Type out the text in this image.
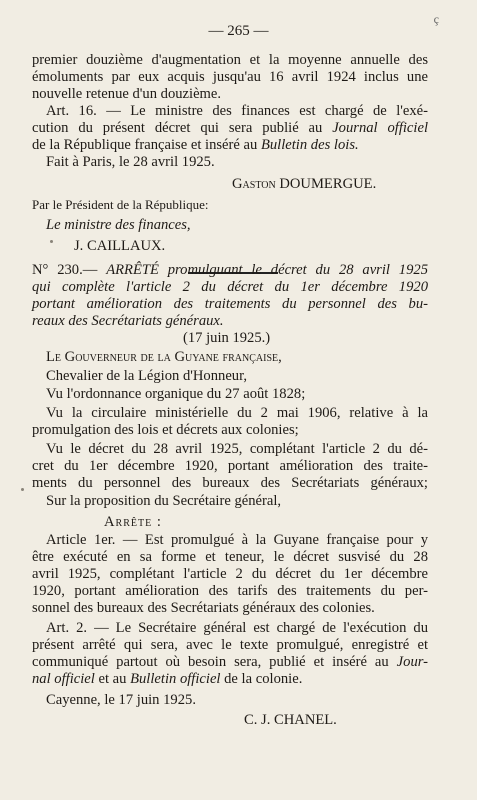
— 265 —
ç
premier douzième d'augmentation et la moyenne annuelle des
émoluments par eux acquis jusqu'au 16 avril 1924 inclus une
nouvelle retenue d'un douzième.
Art. 16. — Le ministre des finances est chargé de l'exé-
cution du présent décret qui sera publié au Journal officiel
de la République française et inséré au Bulletin des lois.
Fait à Paris, le 28 avril 1925.
Gaston DOUMERGUE.
Par le Président de la République:
Le ministre des finances,
J. CAILLAUX.
N° 230.— ARRÊTÉ promulguant le décret du 28 avril 1925
qui complète l'article 2 du décret du 1er décembre 1920
portant amélioration des traitements du personnel des bu-
reaux des Secrétariats généraux.
(17 juin 1925.)
Le Gouverneur de la Guyane française,
Chevalier de la Légion d'Honneur,
Vu l'ordonnance organique du 27 août 1828;
Vu la circulaire ministérielle du 2 mai 1906, relative à la
promulgation des lois et décrets aux colonies;
Vu le décret du 28 avril 1925, complétant l'article 2 du dé-
cret du 1er décembre 1920, portant amélioration des traite-
ments du personnel des bureaux des Secrétariats généraux;
Sur la proposition du Secrétaire général,
Arrête :
Article 1er. — Est promulgué à la Guyane française pour y
être exécuté en sa forme et teneur, le décret susvisé du 28
avril 1925, complétant l'article 2 du décret du 1er décembre
1920, portant amélioration des tarifs des traitements du per-
sonnel des bureaux des Secrétariats généraux des colonies.
Art. 2. — Le Secrétaire général est chargé de l'exécution du
présent arrêté qui sera, avec le texte promulgué, enregistré et
communiqué partout où besoin sera, publié et inséré au Jour-
nal officiel et au Bulletin officiel de la colonie.
Cayenne, le 17 juin 1925.
C. J. CHANEL.
